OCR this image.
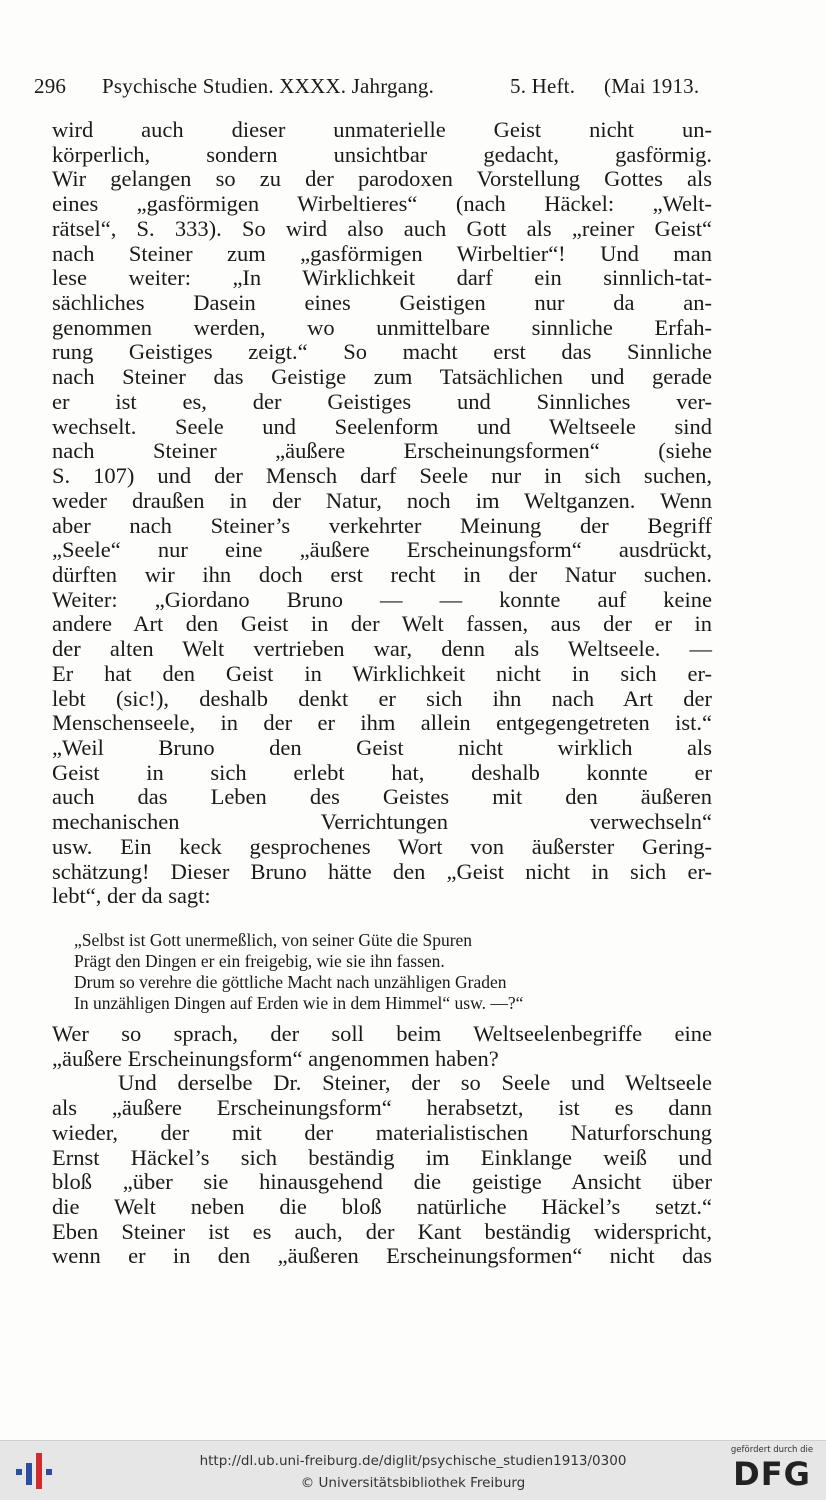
296 Psychische Studien. XXXX. Jahrgang.	5. Heft. (Mai 1913.
wird auch dieser unmaterielle Geist nicht un-
körperlich, sondern unsichtbar gedacht, gasförmig.
Wir gelangen so zu der parodoxen Vorstellung Gottes als
eines „gasförmigen Wirbeltieres“ (nach Häckel: „Welt-
rätsel“, S. 333). So wird also auch Gott als „reiner Geist“
nach Steiner zum „gasförmigen Wirbeltier“! Und man
lese weiter: „In Wirklichkeit darf ein sinnlich-tat-
sächliches Dasein eines Geistigen nur da an-
genommen werden, wo unmittelbare sinnliche Erfah-
rung Geistiges zeigt.“ So macht erst das Sinnliche
nach Steiner das Geistige zum Tatsächlichen und gerade
er ist es, der Geistiges und Sinnliches ver-
wechselt. Seele und Seelenform und Weltseele sind
nach Steiner „äußere Erscheinungsformen“ (siehe
S. 107) und der Mensch darf Seele nur in sich suchen,
weder draußen in der Natur, noch im Weltganzen. Wenn
aber nach Steiner’s verkehrter Meinung der Begriff
„Seele“ nur eine „äußere Erscheinungsform“ ausdrückt,
dürften wir ihn doch erst recht in der Natur suchen.
Weiter: „Giordano Bruno — — konnte auf keine
andere Art den Geist in der Welt fassen, aus der er in
der alten Welt vertrieben war, denn als Weltseele. —
Er hat den Geist in Wirklichkeit nicht in sich er-
lebt (sic!), deshalb denkt er sich ihn nach Art der
Menschenseele, in der er ihm allein entgegengetreten ist.“
„Weil Bruno den Geist nicht wirklich als
Geist in sich erlebt hat, deshalb konnte er
auch das Leben des Geistes mit den äußeren
mechanischen Verrichtungen verwechseln“
usw. Ein keck gesprochenes Wort von äußerster Gering-
schätzung! Dieser Bruno hätte den „Geist nicht in sich er-
lebt“, der da sagt:
„Selbst ist Gott unermeßlich, von seiner Güte die Spuren
Prägt den Dingen er ein freigebig, wie sie ihn fassen.
Drum so verehre die göttliche Macht nach unzähligen Graden
In unzähligen Dingen auf Erden wie in dem Himmel“ usw. —?“
Wer so sprach, der soll beim Weltseelenbegriffe eine
„äußere Erscheinungsform“ angenommen haben?
Und derselbe Dr. Steiner, der so Seele und Weltseele
als „äußere Erscheinungsform“ herabsetzt, ist es dann
wieder, der mit der materialistischen Naturforschung
Ernst Häckel’s sich beständig im Einklange weiß und
bloß „über sie hinausgehend die geistige Ansicht über
die Welt neben die bloß natürliche Häckel’s setzt.“
Eben Steiner ist es auch, der Kant beständig widerspricht,
wenn er in den „äußeren Erscheinungsformen“ nicht das
http://dl.ub.uni-freiburg.de/diglit/psychische_studien1913/0300
© Universitätsbibliothek Freiburg
gefördert durch die
DFG
